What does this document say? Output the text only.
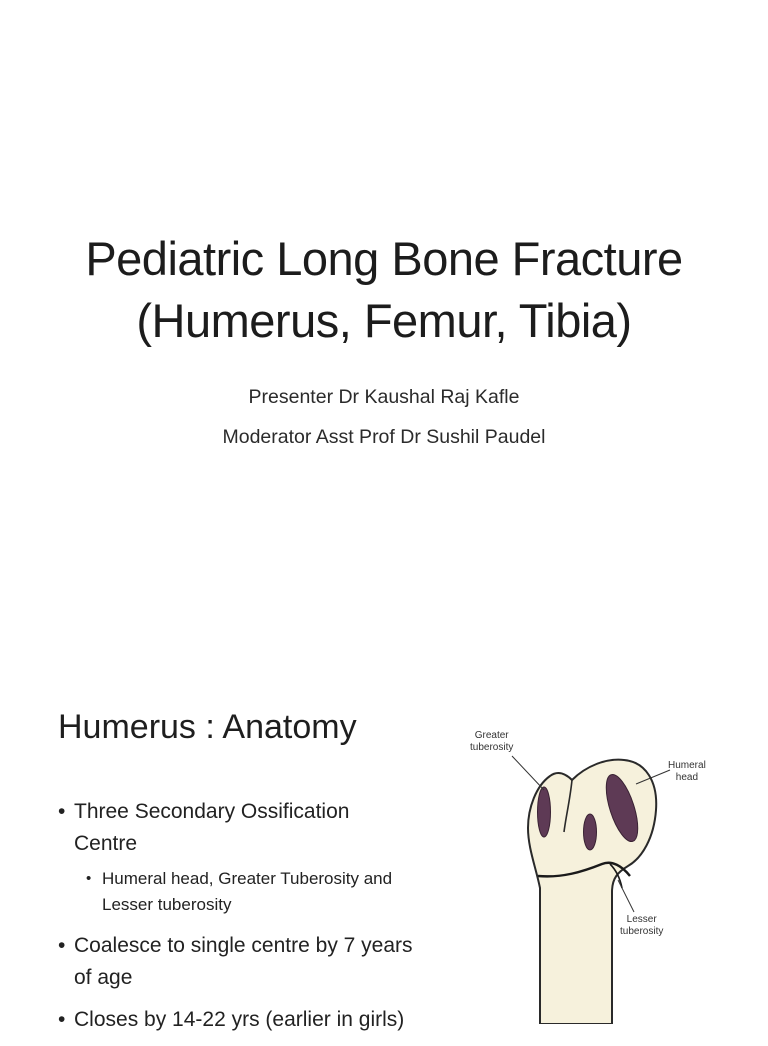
Pediatric Long Bone Fracture
(Humerus, Femur, Tibia)
Presenter Dr Kaushal Raj Kafle
Moderator Asst Prof Dr Sushil Paudel
Humerus : Anatomy
• Three Secondary Ossification Centre
• Humeral head, Greater Tuberosity and Lesser tuberosity
• Coalesce to single centre by 7 years of age
• Closes by 14-22 yrs (earlier in girls)
Greater
tuberosity
Humeral
head
Lesser
tuberosity
